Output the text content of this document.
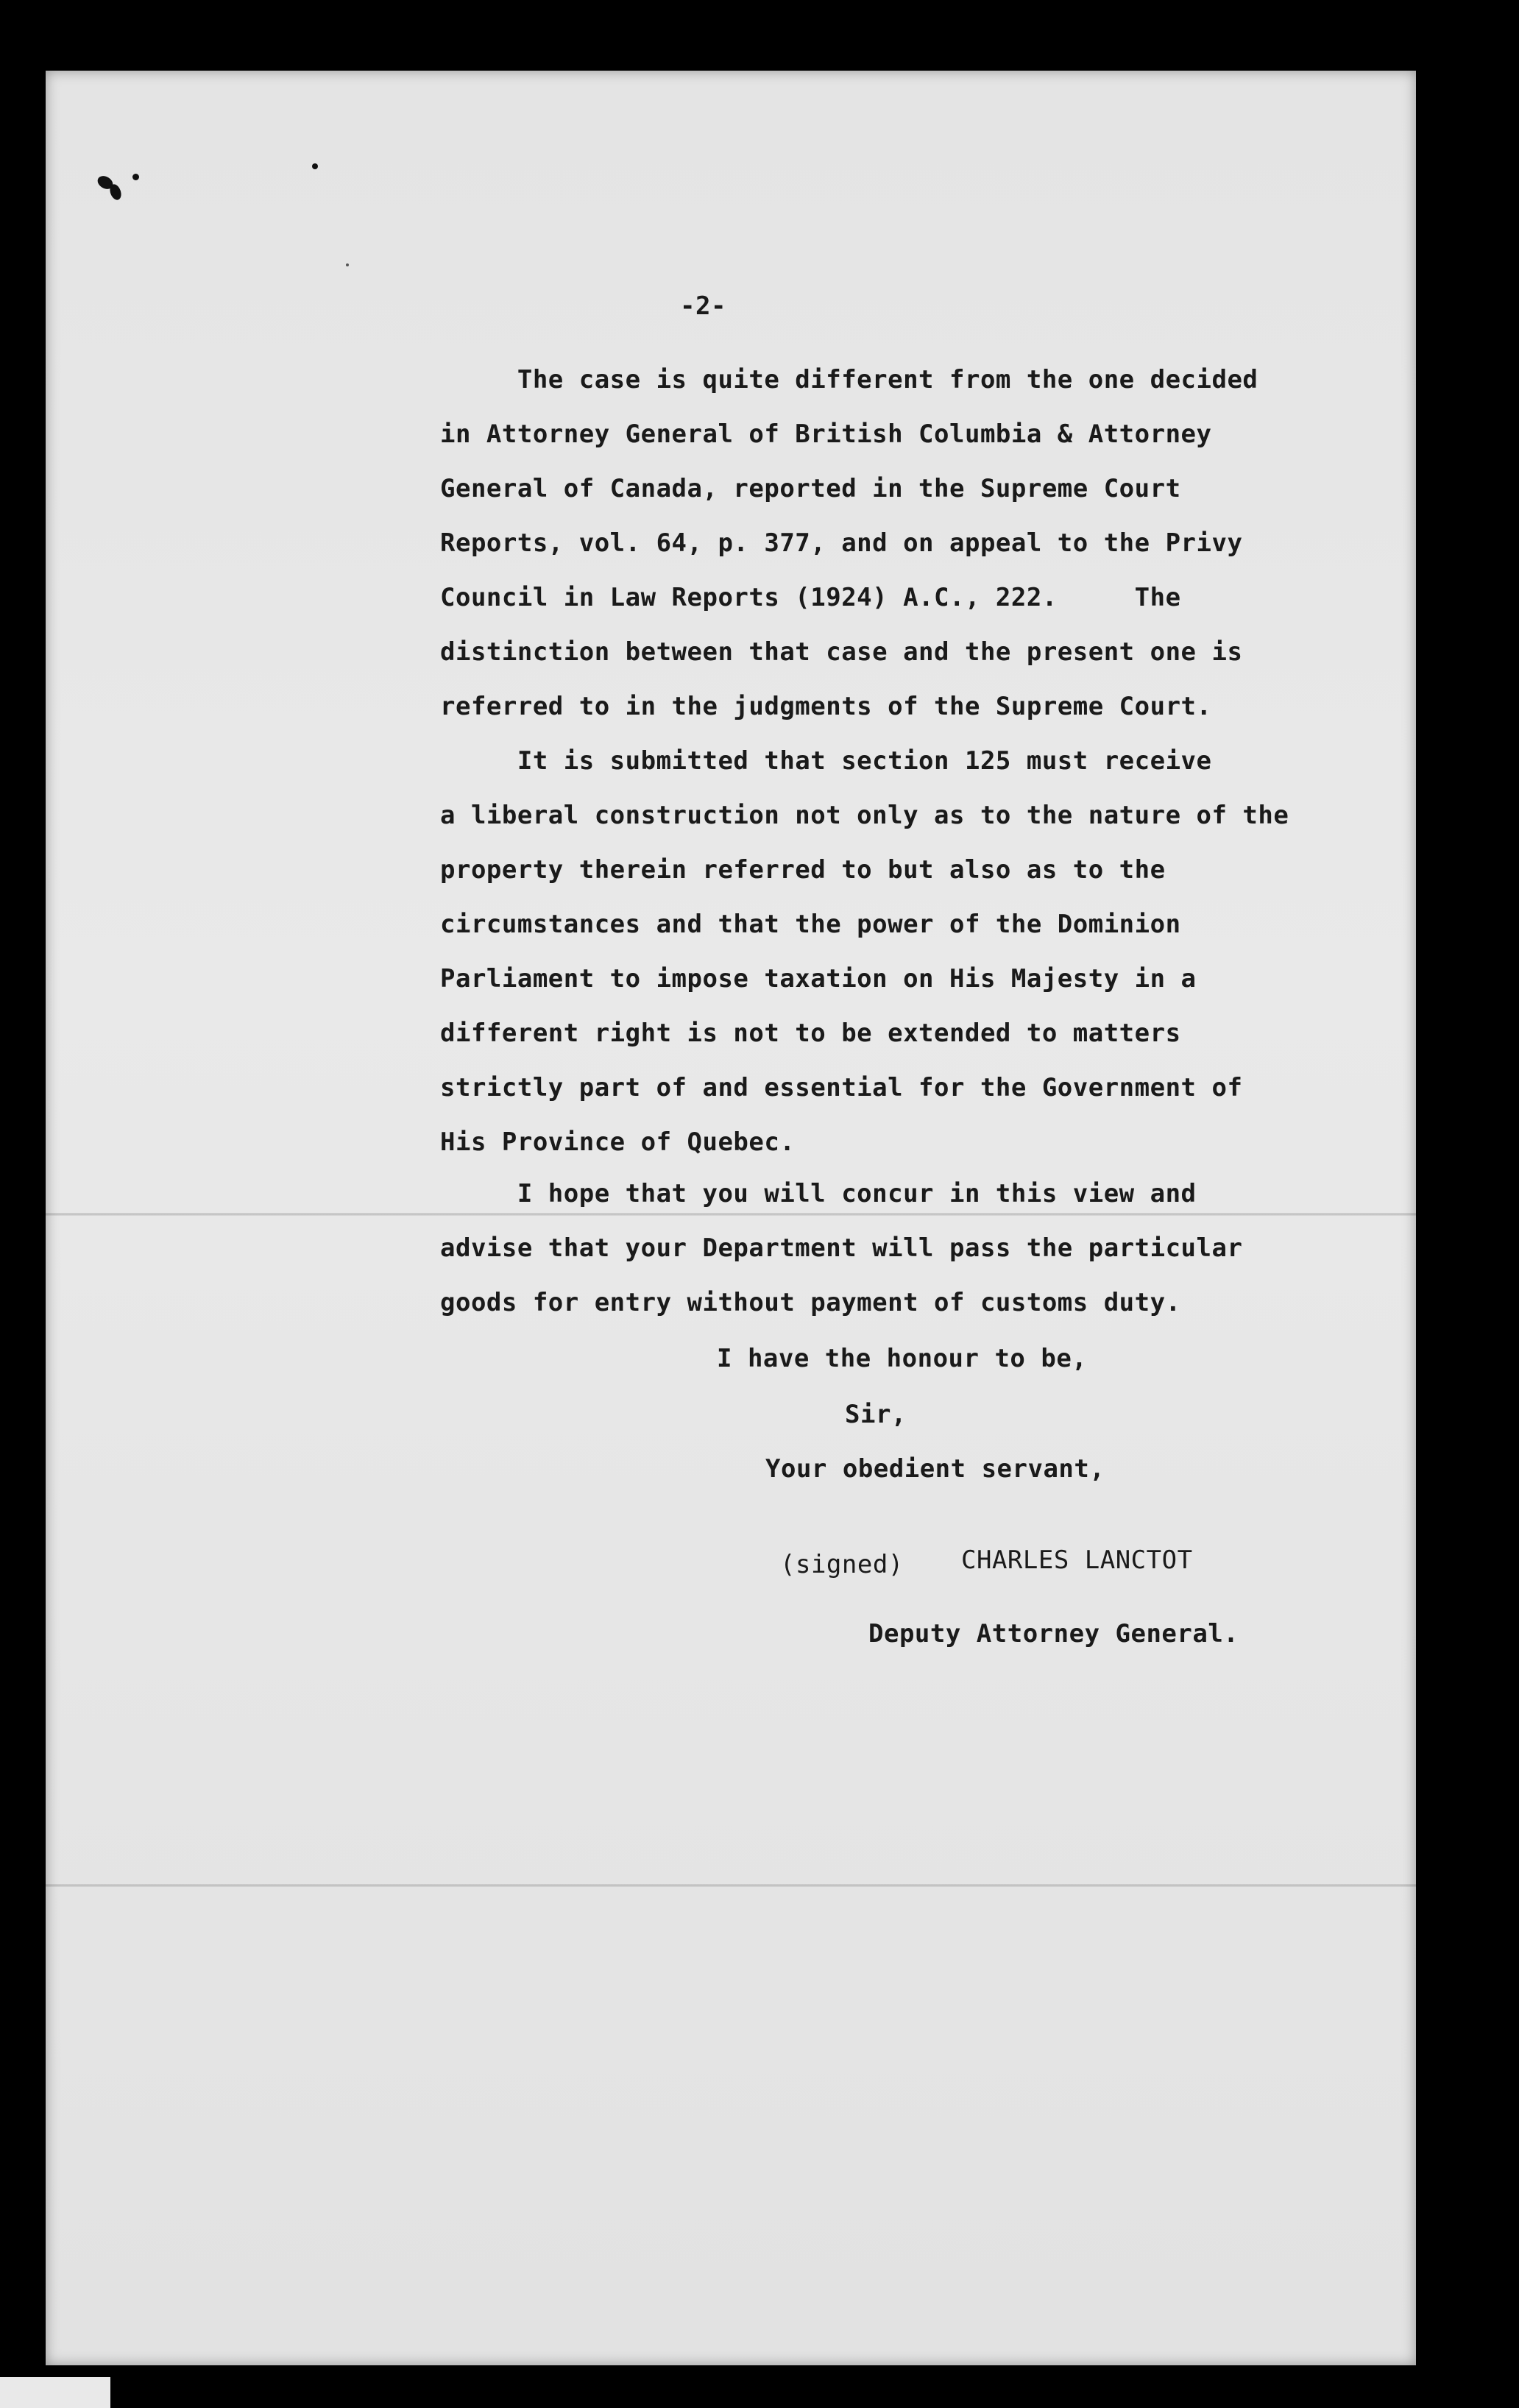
-2-
The case is quite different from the one decided
in Attorney General of British Columbia & Attorney
General of Canada, reported in the Supreme Court
Reports, vol. 64, p. 377, and on appeal to the Privy
Council in Law Reports (1924) A.C., 222.     The
distinction between that case and the present one is
referred to in the judgments of the Supreme Court.
It is submitted that section 125 must receive
a liberal construction not only as to the nature of the
property therein referred to but also as to the
circumstances and that the power of the Dominion
Parliament to impose taxation on His Majesty in a
different right is not to be extended to matters
strictly part of and essential for the Government of
His Province of Quebec.
I hope that you will concur in this view and
advise that your Department will pass the particular
goods for entry without payment of customs duty.
I have the honour to be,
Sir,
Your obedient servant,
(signed) CHARLES LANCTOT
Deputy Attorney General.
